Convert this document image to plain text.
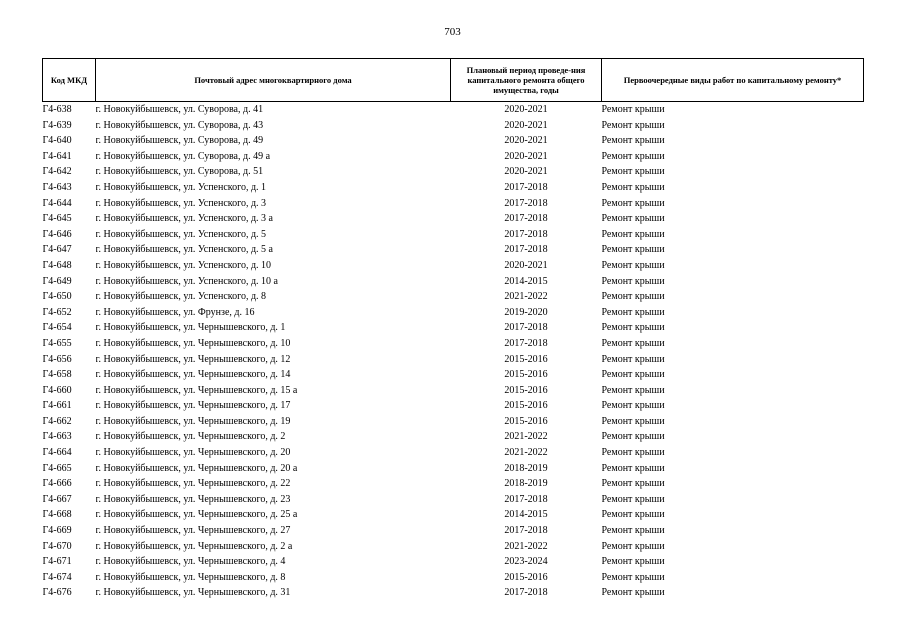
703
Код МКД	Почтовый адрес многоквартирного дома	Плановый период проведе-ния капитального ремонта общего имущества, годы	Первоочередные виды работ по капитальному ремонту*
Г4-638	г. Новокуйбышевск, ул. Суворова, д. 41	2020-2021	Ремонт крыши
Г4-639	г. Новокуйбышевск, ул. Суворова, д. 43	2020-2021	Ремонт крыши
Г4-640	г. Новокуйбышевск, ул. Суворова, д. 49	2020-2021	Ремонт крыши
Г4-641	г. Новокуйбышевск, ул. Суворова, д. 49 а	2020-2021	Ремонт крыши
Г4-642	г. Новокуйбышевск, ул. Суворова, д. 51	2020-2021	Ремонт крыши
Г4-643	г. Новокуйбышевск, ул. Успенского, д. 1	2017-2018	Ремонт крыши
Г4-644	г. Новокуйбышевск, ул. Успенского, д. 3	2017-2018	Ремонт крыши
Г4-645	г. Новокуйбышевск, ул. Успенского, д. 3 а	2017-2018	Ремонт крыши
Г4-646	г. Новокуйбышевск, ул. Успенского, д. 5	2017-2018	Ремонт крыши
Г4-647	г. Новокуйбышевск, ул. Успенского, д. 5 а	2017-2018	Ремонт крыши
Г4-648	г. Новокуйбышевск, ул. Успенского, д. 10	2020-2021	Ремонт крыши
Г4-649	г. Новокуйбышевск, ул. Успенского, д. 10 а	2014-2015	Ремонт крыши
Г4-650	г. Новокуйбышевск, ул. Успенского, д. 8	2021-2022	Ремонт крыши
Г4-652	г. Новокуйбышевск, ул. Фрунзе, д. 16	2019-2020	Ремонт крыши
Г4-654	г. Новокуйбышевск, ул. Чернышевского, д. 1	2017-2018	Ремонт крыши
Г4-655	г. Новокуйбышевск, ул. Чернышевского, д. 10	2017-2018	Ремонт крыши
Г4-656	г. Новокуйбышевск, ул. Чернышевского, д. 12	2015-2016	Ремонт крыши
Г4-658	г. Новокуйбышевск, ул. Чернышевского, д. 14	2015-2016	Ремонт крыши
Г4-660	г. Новокуйбышевск, ул. Чернышевского, д. 15 а	2015-2016	Ремонт крыши
Г4-661	г. Новокуйбышевск, ул. Чернышевского, д. 17	2015-2016	Ремонт крыши
Г4-662	г. Новокуйбышевск, ул. Чернышевского, д. 19	2015-2016	Ремонт крыши
Г4-663	г. Новокуйбышевск, ул. Чернышевского, д. 2	2021-2022	Ремонт крыши
Г4-664	г. Новокуйбышевск, ул. Чернышевского, д. 20	2021-2022	Ремонт крыши
Г4-665	г. Новокуйбышевск, ул. Чернышевского, д. 20 а	2018-2019	Ремонт крыши
Г4-666	г. Новокуйбышевск, ул. Чернышевского, д. 22	2018-2019	Ремонт крыши
Г4-667	г. Новокуйбышевск, ул. Чернышевского, д. 23	2017-2018	Ремонт крыши
Г4-668	г. Новокуйбышевск, ул. Чернышевского, д. 25 а	2014-2015	Ремонт крыши
Г4-669	г. Новокуйбышевск, ул. Чернышевского, д. 27	2017-2018	Ремонт крыши
Г4-670	г. Новокуйбышевск, ул. Чернышевского, д. 2 а	2021-2022	Ремонт крыши
Г4-671	г. Новокуйбышевск, ул. Чернышевского, д. 4	2023-2024	Ремонт крыши
Г4-674	г. Новокуйбышевск, ул. Чернышевского, д. 8	2015-2016	Ремонт крыши
Г4-676	г. Новокуйбышевск, ул. Чернышевского, д. 31	2017-2018	Ремонт крыши
